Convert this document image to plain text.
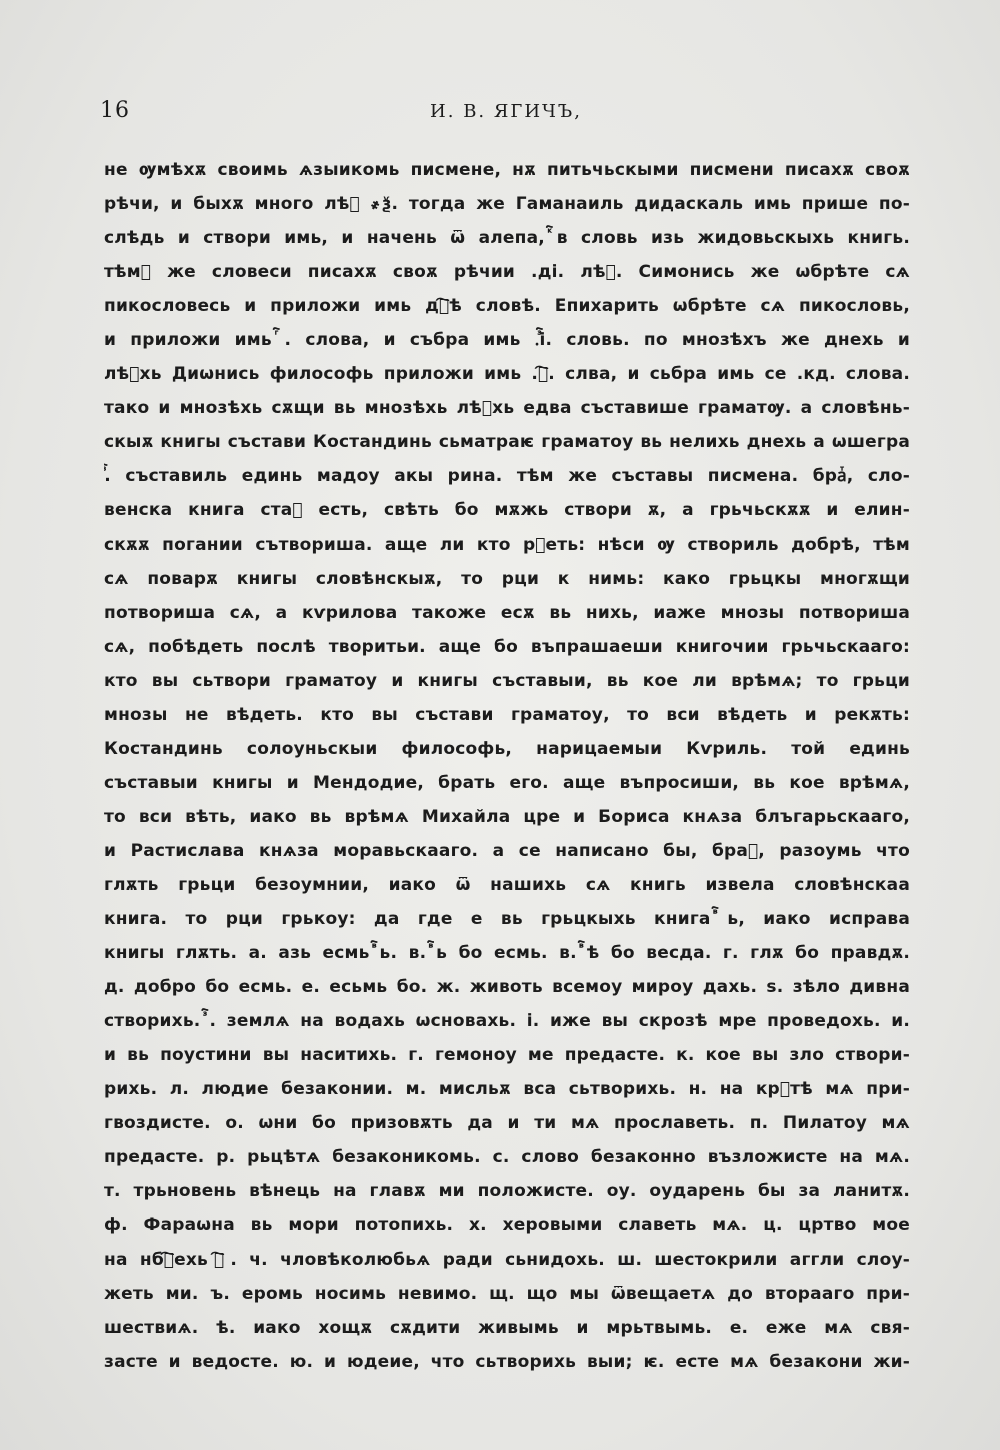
16	И. В. ЯГИЧЪ,
не ѹмѣхѫ своимь ѧзыикомь писмене, нѫ питьчьскыми писмени писахѫ своѫ
рѣчи, и быхѫ много лѣⷮ ҂ѯ. тогда же Гаманаиль дидаскаль имь прише по-
слѣдь и створи имь, и начень ѿ алепа, ⷦ҇в словь изь жидовьскыхь книгь.
тѣмⷤ же словеси писахѫ своѫ рѣчии .ді. лѣⷮ. Симонись же ѡбрѣте сѧ
пикословесь и приложи имь дⷡ҇ѣ словѣ. Епихарить ѡбрѣте сѧ пикословь,
и приложи имь ⷢ҇. слова, и събра имь .ⷥ҇і. словь. по мнозѣхъ же днехь и
лѣⷮхь Диѡнись философь приложи имь .ⷢ҇. слва, и сьбра имь се .кд. слова.
тако и мнозѣхь сѫщи вь мнозѣхь лѣⷮхь едва съставише граматѹ. а словѣнь-
скыѫ книгы състави Костандинь сьматраѥ граматоу вь нелихь днехь а ѡшегра
ⷥ҇. съставиль единь мадоу акы рина. тѣм же съставы писмена. браⷮ, сло-
венска книга стаⷮ есть, свѣть бо мѫжь створи ѫ, а грьчьскѫѫ и елин-
скѫѫ погании сътвориша. аще ли кто рⷮеть: нѣси ѹ створиль добрѣ, тѣм
сѧ поварѫ книгы словѣнскыѫ, то рци к нимь: како грьцкы многѫщи
потвориша сѧ, а кѵрилова такоже есѫ вь нихь, иаже мнозы потвориша
сѧ, побѣдеть послѣ творитьи. аще бо въпрашаеши книгочии грьчьскааго:
кто вы сьтвори граматоу и книгы съставыи, вь кое ли врѣмѧ; то грьци
мнозы не вѣдеть. кто вы състави граматоу, то вси вѣдеть и рекѫть:
Костандинь солоуньскыи философь, нарицаемыи Кѵриль. той единь
съставыи книгы и Мендодие, брать его. аще въпросиши, вь кое врѣмѧ,
то вси вѣть, иако вь врѣмѧ Михайла цре и Бориса кнѧза блъгарьскааго,
и Растислава кнѧза моравьскааго. а се написано бы, браⷮ, разоумь что
глѫть грьци безоумнии, иако ѿ нашихь сѧ книгь извела словѣнскаа
книга. то рци грькоу: да где е вь грьцкыхь книга ⷡ҇ь, иако исправа
книгы глѫть. а. азь есмь ⷡ҇ь. в. ⷡ҇ь бо есмь. в. ⷡ҇ѣ бо весда. г. глѫ бо правдѫ.
д. добро бо есмь. е. есьмь бо. ж. животь всемоу мироу дахь. ѕ. зѣло дивна
створихь. ⷥ҇. землѧ на водахь ѡсновахь. і. иже вы скрозѣ мре проведохь. и.
и вь поустини вы наситихь. г. гемоноу ме предасте. к. кое вы зло створи-
рихь. л. людие безаконии. м. мисльѫ вса сьтворихь. н. на крⷮтѣ мѧ при-
гвоздисте. о. ѡни бо призовѫть да и ти мѧ прославеть. п. Пилатоу мѧ
предасте. р. рьцѣтѧ безаконикомь. с. слово безаконно възложисте на мѧ.
т. трьновень вѣнець на главѫ ми положисте. оу. оударень бы за ланитѫ.
ф. Фараѡна вь мори потопихь. х. херовыми славеть мѧ. ц. цртво мое
на нбⷭ҇ехь ⷢ҇. ч. чловѣколюбьѧ ради сьнидохь. ш. шестокрили аггли слоу-
жеть ми. ъ. еромь носимь невимо. щ. що мы ѿвещаетѧ до вторааго при-
шествиѧ. ѣ. иако хощѫ сѫдити живымь и мрьтвымь. е. еже мѧ свя-
засте и ведосте. ю. и юдеие, что сьтворихь выи; ѥ. есте мѧ безакони жи-
